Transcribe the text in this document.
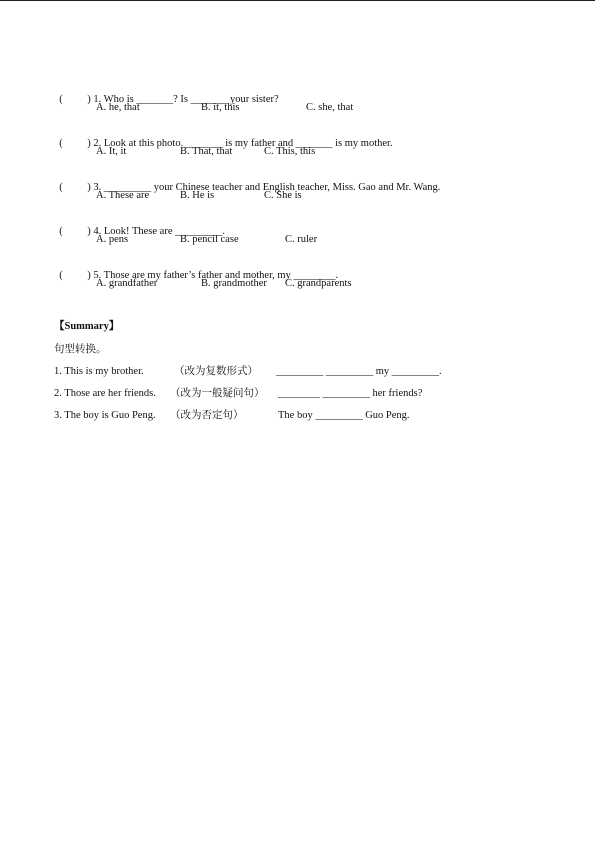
( ) 1. Who is _______? Is _______ your sister?

A. he, that	B. it, this	C. she, that

( ) 2. Look at this photo. _______ is my father and _______ is my mother.

A. It, it	B. That, that	C. This, this

( ) 3. _________ your Chinese teacher and English teacher, Miss. Gao and Mr. Wang.

A. These are	B. He is	C. She is

( ) 4. Look! These are _________.

A. pens	B. pencil case	C. ruler

( ) 5. Those are my father’s father and mother, my ________.

A. grandfather	B. grandmother C. grandparents
【Summary】
句型转换。
1. This is my brother.	（改为复数形式） _________ _________ my _________.
2. Those are her friends. （改为一般疑问句） ________ _________ her friends?
3. The boy is Guo Peng. （改为否定句）	The boy _________ Guo Peng.
